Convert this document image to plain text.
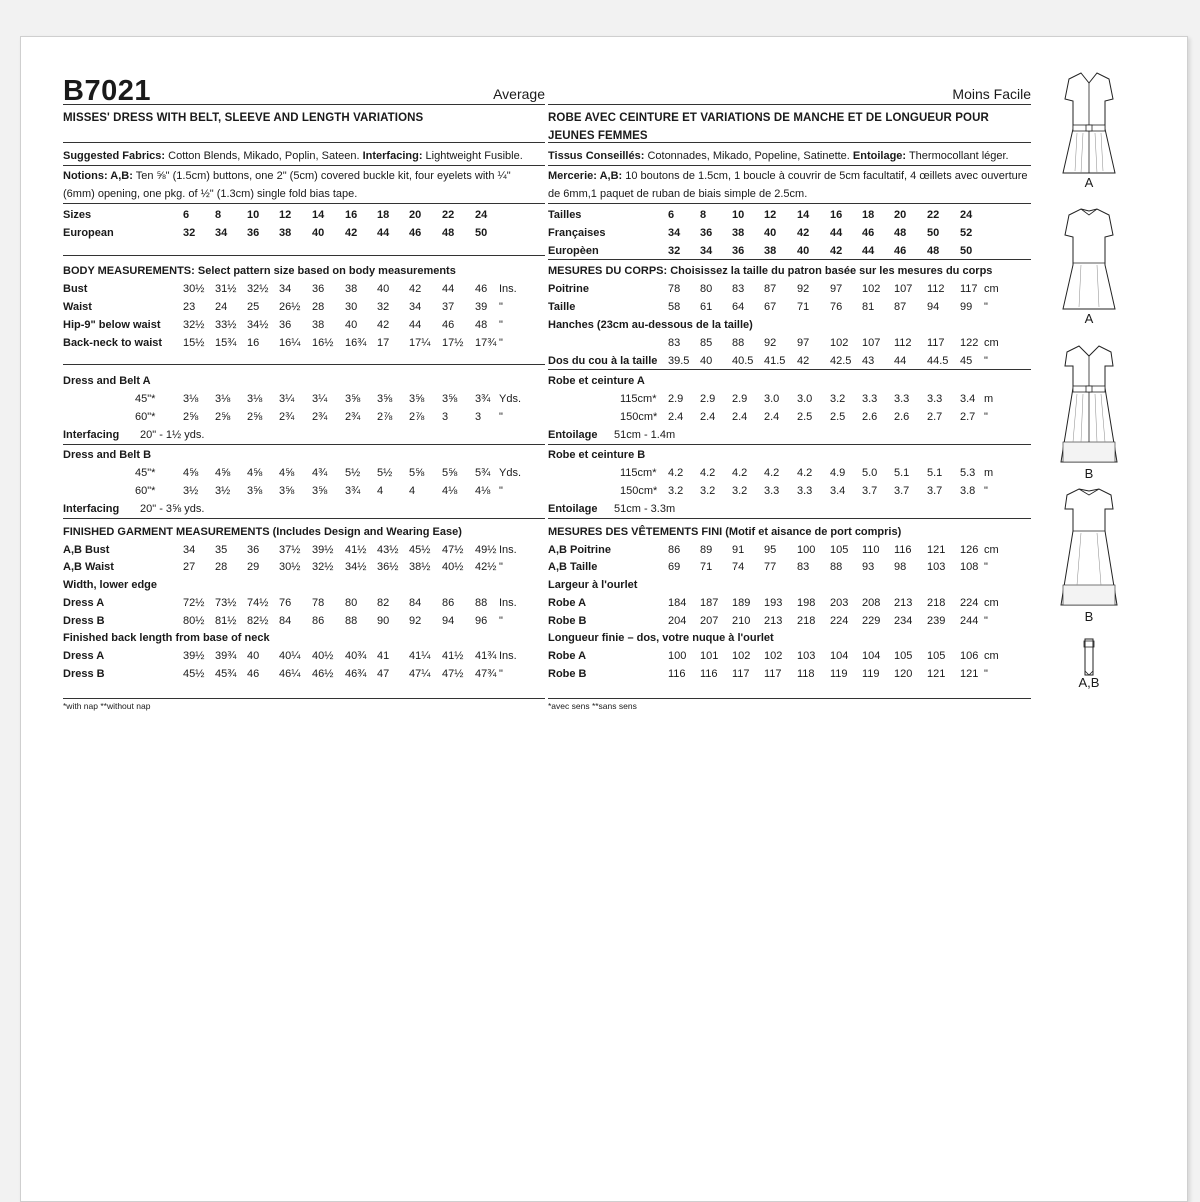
B7021	Average
MISSES' DRESS WITH BELT, SLEEVE AND LENGTH VARIATIONS
Suggested Fabrics: Cotton Blends, Mikado, Poplin, Sateen. Interfacing: Lightweight Fusible.
Notions: A,B: Ten ⅝" (1.5cm) buttons, one 2" (5cm) covered buckle kit, four eyelets with ¼" (6mm) opening, one pkg. of ½" (1.3cm) single fold bias tape.
Sizes	6 8 10 12 14 16 18 20 22 24
European	32 34 36 38 40 42 44 46 48 50
BODY MEASUREMENTS: Select pattern size based on body measurements
Bust	30½ 31½ 32½ 34 36 38 40 42 44 46 Ins.
Waist	23 24 25 26½ 28 30 32 34 37 39 "
Hip-9" below waist 32½ 33½ 34½ 36 38 40 42 44 46 48 "
Back-neck to waist 15½ 15¾ 16 16¼ 16½ 16¾ 17 17¼ 17½ 17¾ "
Dress and Belt A
45"*	3⅛ 3⅛ 3⅛ 3¼ 3¼ 3⅝ 3⅝ 3⅝ 3⅝ 3¾ Yds.
60"*	2⅝ 2⅝ 2⅝ 2¾ 2¾ 2¾ 2⅞ 2⅞ 3 3 "
Interfacing 20" - 1½ yds.
Dress and Belt B
45"*	4⅝ 4⅝ 4⅝ 4⅝ 4¾ 5½ 5½ 5⅝ 5⅝ 5¾ Yds.
60"*	3½ 3½ 3⅝ 3⅝ 3⅝ 3¾ 4 4 4⅛ 4⅛ "
Interfacing 20" - 3⅝ yds.
FINISHED GARMENT MEASUREMENTS (Includes Design and Wearing Ease)
A,B Bust	34 35 36 37½ 39½ 41½ 43½ 45½ 47½ 49½ Ins.
A,B Waist	27 28 29 30½ 32½ 34½ 36½ 38½ 40½ 42½ "
Width, lower edge
Dress A	72½ 73½ 74½ 76 78 80 82 84 86 88 Ins.
Dress B	80½ 81½ 82½ 84 86 88 90 92 94 96 "
Finished back length from base of neck
Dress A	39½ 39¾ 40 40¼ 40½ 40¾ 41 41¼ 41½ 41¾ Ins.
Dress B	45½ 45¾ 46 46¼ 46½ 46¾ 47 47¼ 47½ 47¾ "
*with nap **without nap
Moins Facile
ROBE AVEC CEINTURE ET VARIATIONS DE MANCHE ET DE LONGUEUR POUR JEUNES FEMMES
Tissus Conseillés: Cotonnades, Mikado, Popeline, Satinette. Entoilage: Thermocollant léger.
Mercerie: A,B: 10 boutons de 1.5cm, 1 boucle à couvrir de 5cm facultatif, 4 œillets avec ouverture de 6mm,1 paquet de ruban de biais simple de 2.5cm.
Tailles	6 8 10 12 14 16 18 20 22 24
Françaises	34 36 38 40 42 44 46 48 50 52
Europèen	32 34 36 38 40 42 44 46 48 50
MESURES DU CORPS: Choisissez la taille du patron basée sur les mesures du corps
Poitrine	78 80 83 87 92 97 102 107 112 117 cm
Taille	58 61 64 67 71 76 81 87 94 99 "
Hanches (23cm au-dessous de la taille)
83 85 88 92 97 102 107 112 117 122 cm
Dos du cou à la taille 39.5 40 40.5 41.5 42 42.5 43 44 44.5 45 "
Robe et ceinture A
115cm* 2.9 2.9 2.9 3.0 3.0 3.2 3.3 3.3 3.3 3.4 m
150cm* 2.4 2.4 2.4 2.4 2.5 2.5 2.6 2.6 2.7 2.7 "
Entoilage 51cm - 1.4m
Robe et ceinture B
115cm* 4.2 4.2 4.2 4.2 4.2 4.9 5.0 5.1 5.1 5.3 m
150cm* 3.2 3.2 3.2 3.3 3.3 3.4 3.7 3.7 3.7 3.8 "
Entoilage 51cm - 3.3m
MESURES DES VÊTEMENTS FINI (Motif et aisance de port compris)
A,B Poitrine	86 89 91 95 100 105 110 116 121 126 cm
A,B Taille	69 71 74 77 83 88 93 98 103 108 "
Largeur à l'ourlet
Robe A	184 187 189 193 198 203 208 213 218 224 cm
Robe B	204 207 210 213 218 224 229 234 239 244 "
Longueur finie – dos, votre nuque à l'ourlet
Robe A	100 101 102 102 103 104 104 105 105 106 cm
Robe B	116 116 117 117 118 119 119 120 121 121 "
*avec sens **sans sens
A
A
B
B
A,B
